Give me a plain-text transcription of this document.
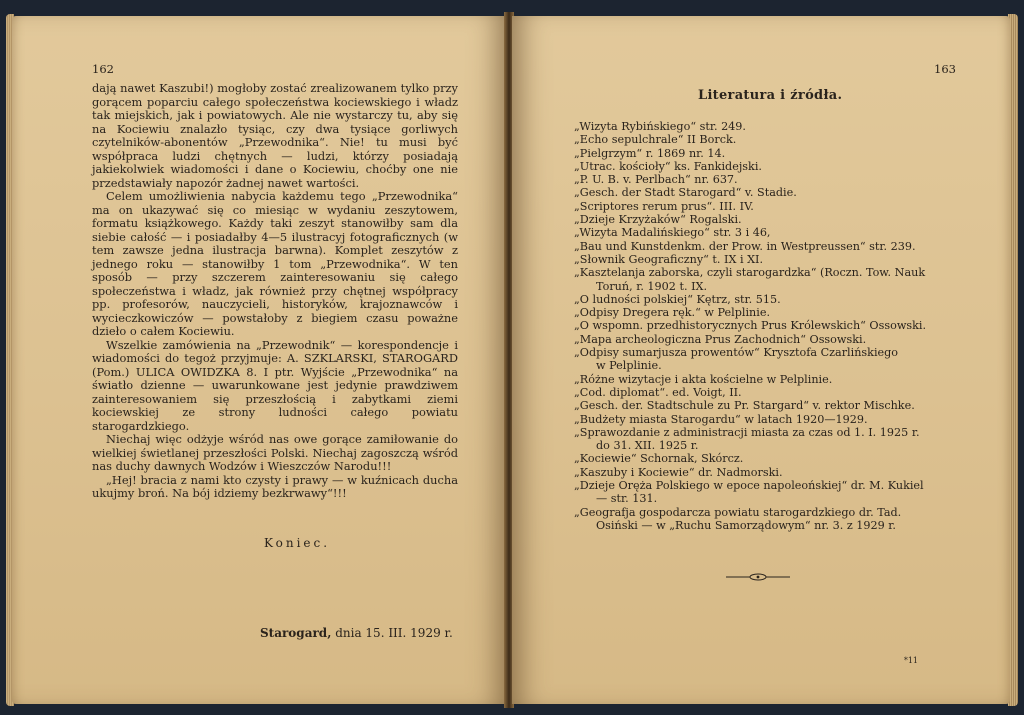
162

dają nawet Kaszubi!) mogłoby zostać zrealizowanem tylko przy gorącem poparciu całego społeczeństwa kociewskiego i władz tak miejskich, jak i powiatowych. Ale nie wystarczy tu, aby się na Kociewiu znalazło tysiąc, czy dwa tysiące gorliwych czytelników-abonentów „Przewodnika“. Nie! tu musi być współpraca ludzi chętnych — ludzi, którzy posiadają jakiekolwiek wiadomości i dane o Kociewiu, choćby one nie przedstawiały napozór żadnej nawet wartości.

Celem umożliwienia nabycia każdemu tego „Przewodnika“ ma on ukazywać się co miesiąc w wydaniu zeszytowem, formatu książkowego. Każdy taki zeszyt stanowiłby sam dla siebie całość — i posiadałby 4—5 ilustracyj fotograficznych (w tem zawsze jedna ilustracja barwna). Komplet zeszytów z jednego roku — stanowiłby 1 tom „Przewodnika“. W ten sposób — przy szczerem zainteresowaniu się całego społeczeństwa i władz, jak również przy chętnej współpracy pp. profesorów, nauczycieli, historyków, krajoznawców i wycieczkowiczów — powstałoby z biegiem czasu poważne dzieło o całem Kociewiu.

Wszelkie zamówienia na „Przewodnik“ — korespondencje i wiadomości do tegoż przyjmuje: A. SZKLARSKI, STAROGARD (Pom.) ULICA OWIDZKA 8. I ptr. Wyjście „Przewodnika“ na światło dzienne — uwarunkowane jest jedynie prawdziwem zainteresowaniem się przeszłością i zabytkami ziemi kociewskiej ze strony ludności całego powiatu starogardzkiego.

Niechaj więc odżyje wśród nas owe gorące zamiłowanie do wielkiej świetlanej przeszłości Polski. Niechaj zagoszczą wśród nas duchy dawnych Wodzów i Wieszczów Narodu!!!

„Hej! bracia z nami kto czysty i prawy — w kuźnicach ducha ukujmy broń. Na bój idziemy bezkrwawy“!!!

Koniec.
Starogard, dnia 15. III. 1929 r.
163
Literatura i źródła.
„Wizyta Rybińskiego“ str. 249.
„Echo sepulchrale“ II Borck.
„Pielgrzym“ r. 1869 nr. 14.
„Utrac. kościoły“ ks. Fankidejski.
„P. U. B. v. Perlbach“ nr. 637.
„Gesch. der Stadt Starogard“ v. Stadie.
„Scriptores rerum prus“. III. IV.
„Dzieje Krzyżaków“ Rogalski.
„Wizyta Madalińskiego“ str. 3 i 46,
„Bau und Kunstdenkm. der Prow. in Westpreussen“ str. 239.
„Słownik Geograficzny“ t. IX i XI.
„Kasztelanja zaborska, czyli starogardzka“ (Roczn. Tow. Nauk
Toruń, r. 1902 t. IX.
„O ludności polskiej“ Kętrz, str. 515.
„Odpisy Dregera ręk.“ w Pelplinie.
„O wspomn. przedhistorycznych Prus Królewskich“ Ossowski.
„Mapa archeologiczna Prus Zachodnich“ Ossowski.
„Odpisy sumarjusza prowentów“ Krysztofa Czarlińskiego
w Pelplinie.
„Różne wizytacje i akta kościelne w Pelplinie.
„Cod. diplomat“. ed. Voigt, II.
„Gesch. der. Stadtschule zu Pr. Stargard“ v. rektor Mischke.
„Budżety miasta Starogardu“ w latach 1920—1929.
„Sprawozdanie z administracji miasta za czas od 1. I. 1925 r.
do 31. XII. 1925 r.
„Kociewie“ Schornak, Skórcz.
„Kaszuby i Kociewie“ dr. Nadmorski.
„Dzieje Oręża Polskiego w epoce napoleońskiej“ dr. M. Kukiel
— str. 131.
„Geografja gospodarcza powiatu starogardzkiego dr. Tad.
Osiński — w „Ruchu Samorządowym“ nr. 3. z 1929 r.
*11
